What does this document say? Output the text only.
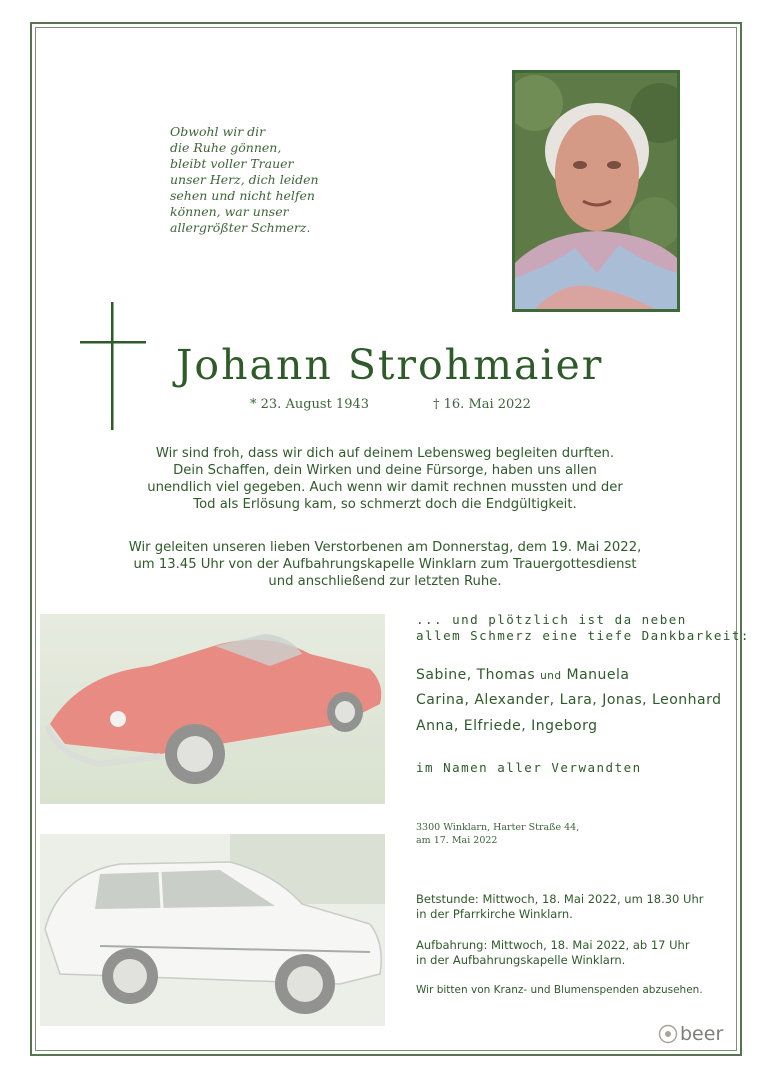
Obwohl wir dir
die Ruhe gönnen,
bleibt voller Trauer
unser Herz, dich leiden
sehen und nicht helfen
können, war unser
allergrößter Schmerz.
Johann Strohmaier
* 23. August 1943	† 16. Mai 2022
Wir sind froh, dass wir dich auf deinem Lebensweg begleiten durften.
Dein Schaffen, dein Wirken und deine Fürsorge, haben uns allen
unendlich viel gegeben. Auch wenn wir damit rechnen mussten und der
Tod als Erlösung kam, so schmerzt doch die Endgültigkeit.
Wir geleiten unseren lieben Verstorbenen am Donnerstag, dem 19. Mai 2022,
um 13.45 Uhr von der Aufbahrungskapelle Winklarn zum Trauergottesdienst
und anschließend zur letzten Ruhe.
... und plötzlich ist da neben
allem Schmerz eine tiefe Dankbarkeit:
Sabine, Thomas und Manuela
Carina, Alexander, Lara, Jonas, Leonhard
Anna, Elfriede, Ingeborg
im Namen aller Verwandten
3300 Winklarn, Harter Straße 44,
am 17. Mai 2022
Betstunde: Mittwoch, 18. Mai 2022, um 18.30 Uhr
in der Pfarrkirche Winklarn.
Aufbahrung: Mittwoch, 18. Mai 2022, ab 17 Uhr
in der Aufbahrungskapelle Winklarn.
Wir bitten von Kranz- und Blumenspenden abzusehen.
beer
